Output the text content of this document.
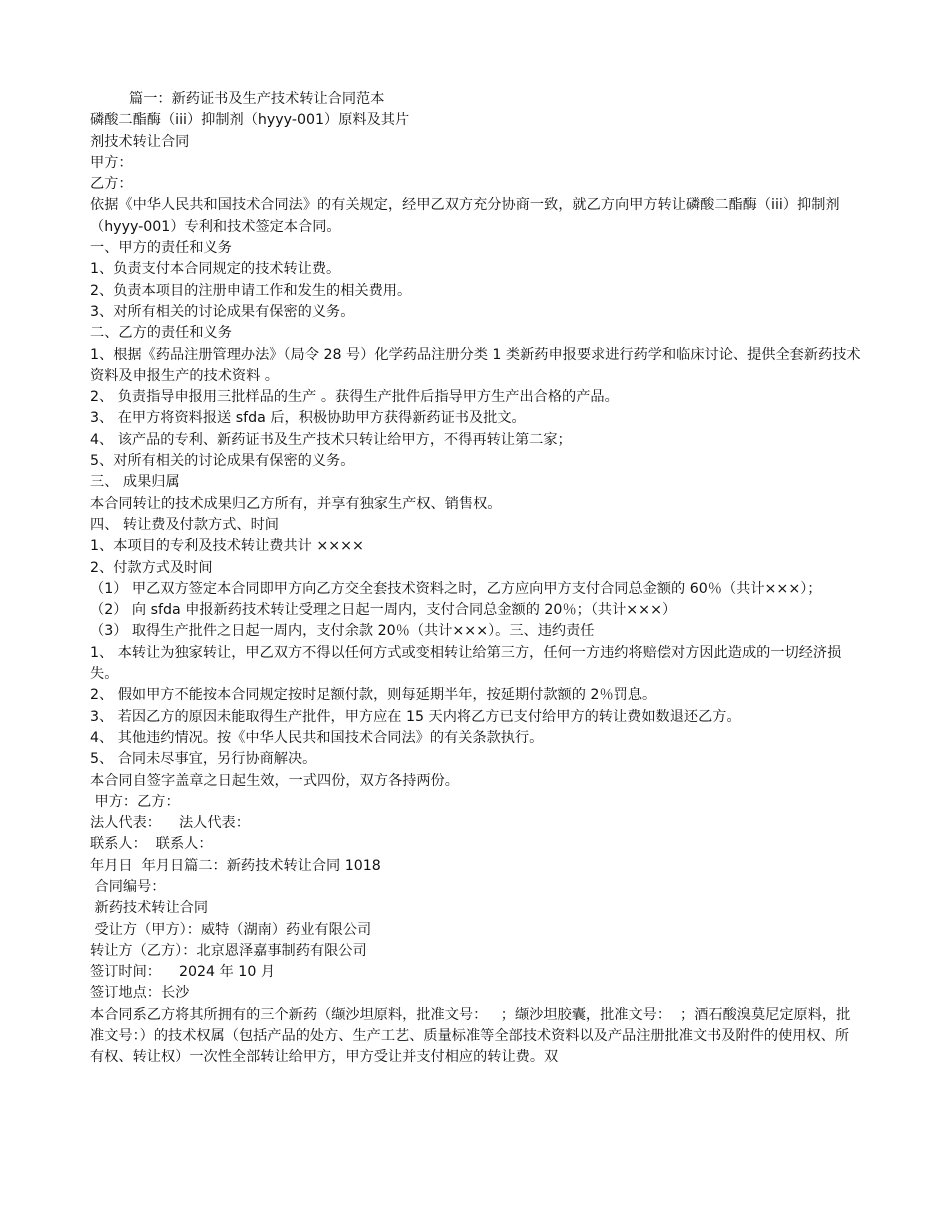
篇一：新药证书及生产技术转让合同范本

磷酸二酯酶（iii）抑制剂（hyyy-001）原料及其片

剂技术转让合同

甲方：

乙方：

依据《中华人民共和国技术合同法》的有关规定，经甲乙双方充分协商一致，就乙方向甲方转让磷酸二酯酶（iii）抑制剂（hyyy-001）专利和技术签定本合同。

一、甲方的责任和义务

1、负责支付本合同规定的技术转让费。

2、负责本项目的注册申请工作和发生的相关费用。

3、对所有相关的讨论成果有保密的义务。

二、乙方的责任和义务

1、根据《药品注册管理办法》（局令 28 号）化学药品注册分类 1 类新药申报要求进行药学和临床讨论、提供全套新药技术资料及申报生产的技术资料 。

2、 负责指导申报用三批样品的生产 。获得生产批件后指导甲方生产出合格的产品。

3、 在甲方将资料报送 sfda 后，积极协助甲方获得新药证书及批文。

4、 该产品的专利、新药证书及生产技术只转让给甲方，不得再转让第二家；

5、对所有相关的讨论成果有保密的义务。

三、 成果归属

本合同转让的技术成果归乙方所有，并享有独家生产权、销售权。

四、 转让费及付款方式、时间

1、本项目的专利及技术转让费共计 ××××

2、付款方式及时间

（1） 甲乙双方签定本合同即甲方向乙方交全套技术资料之时，乙方应向甲方支付合同总金额的 60％（共计×××）；

（2） 向 sfda 申报新药技术转让受理之日起一周内，支付合同总金额的 20％；（共计×××）

（3） 取得生产批件之日起一周内，支付余款 20％（共计×××）。三、违约责任

1、 本转让为独家转让，甲乙双方不得以任何方式或变相转让给第三方，任何一方违约将赔偿对方因此造成的一切经济损失。

2、 假如甲方不能按本合同规定按时足额付款，则每延期半年，按延期付款额的 2％罚息。

3、 若因乙方的原因未能取得生产批件，甲方应在 15 天内将乙方已支付给甲方的转让费如数退还乙方。

4、 其他违约情况。按《中华人民共和国技术合同法》的有关条款执行。

5、 合同未尽事宜，另行协商解决。

本合同自签字盖章之日起生效，一式四份，双方各持两份。

甲方：乙方：

法人代表：    法人代表：

联系人：  联系人：

年月日  年月日篇二：新药技术转让合同 1018

合同编号：

新药技术转让合同

受让方（甲方）：威特（湖南）药业有限公司

转让方（乙方）：北京恩泽嘉事制药有限公司

签订时间：    2024 年 10 月

签订地点：长沙

本合同系乙方将其所拥有的三个新药（缬沙坦原料，批准文号：   ；缬沙坦胶囊，批准文号：  ；酒石酸溴莫尼定原料，批准文号：）的技术权属（包括产品的处方、生产工艺、质量标准等全部技术资料以及产品注册批准文书及附件的使用权、所有权、转让权）一次性全部转让给甲方，甲方受让并支付相应的转让费。双
